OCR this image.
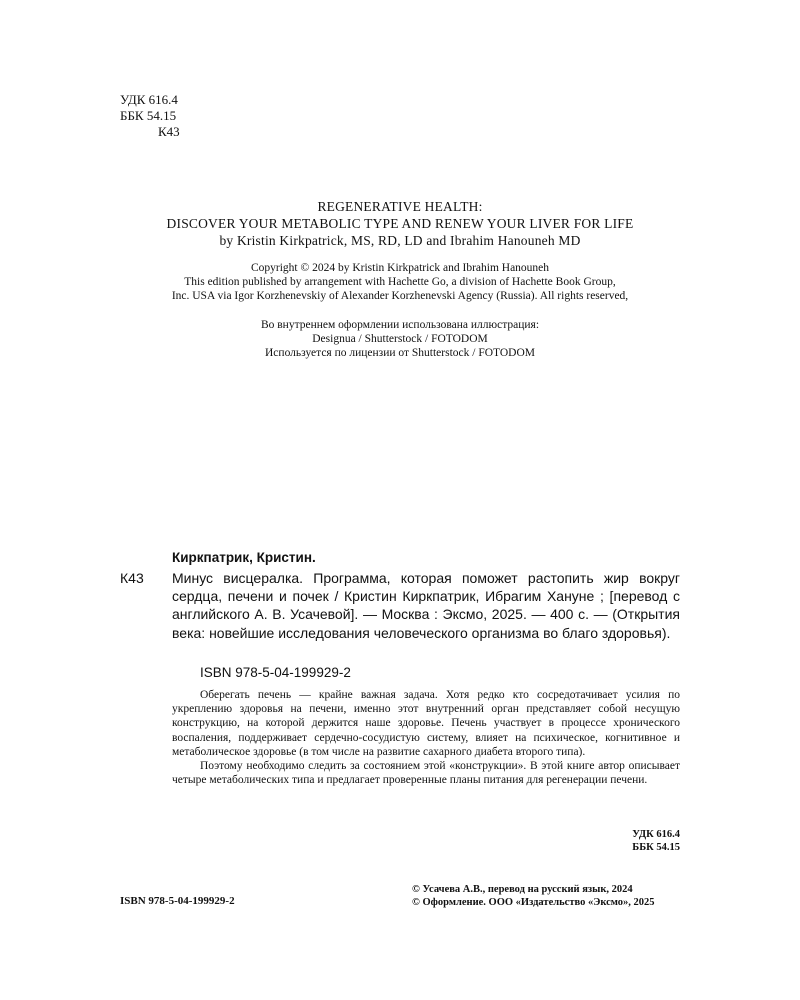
УДК 616.4
ББК 54.15
К43
REGENERATIVE HEALTH:
DISCOVER YOUR METABOLIC TYPE AND RENEW YOUR LIVER FOR LIFE
by Kristin Kirkpatrick, MS, RD, LD and Ibrahim Hanouneh MD
Copyright © 2024 by Kristin Kirkpatrick and Ibrahim Hanouneh
This edition published by arrangement with Hachette Go, a division of Hachette Book Group,
Inc. USA via Igor Korzhenevskiy of Alexander Korzhenevski Agency (Russia). All rights reserved,
Во внутреннем оформлении использована иллюстрация:
Designua / Shutterstock / FOTODOM
Используется по лицензии от Shutterstock / FOTODOM
Киркпатрик, Кристин.
К43 Минус висцералка. Программа, которая поможет растопить жир вокруг сердца, печени и почек / Кристин Киркпатрик, Ибрагим Хануне ; [перевод с английского А. В. Усачевой]. — Москва : Эксмо, 2025. — 400 с. — (Открытия века: новейшие исследования человеческого организма во благо здоровья).
ISBN 978-5-04-199929-2

Оберегать печень — крайне важная задача. Хотя редко кто сосредотачивает усилия по укреплению здоровья на печени, именно этот внутренний орган представляет собой несущую конструкцию, на которой держится наше здоровье. Печень участвует в процессе хронического воспаления, поддерживает сердечно-сосудистую систему, влияет на психическое, когнитивное и метаболическое здоровье (в том числе на развитие сахарного диабета второго типа).

Поэтому необходимо следить за состоянием этой «конструкции». В этой книге автор описывает четыре метаболических типа и предлагает проверенные планы питания для регенерации печени.

УДК 616.4
ББК 54.15
ISBN 978-5-04-199929-2
© Усачева А.В., перевод на русский язык, 2024
© Оформление. ООО «Издательство «Эксмо», 2025
